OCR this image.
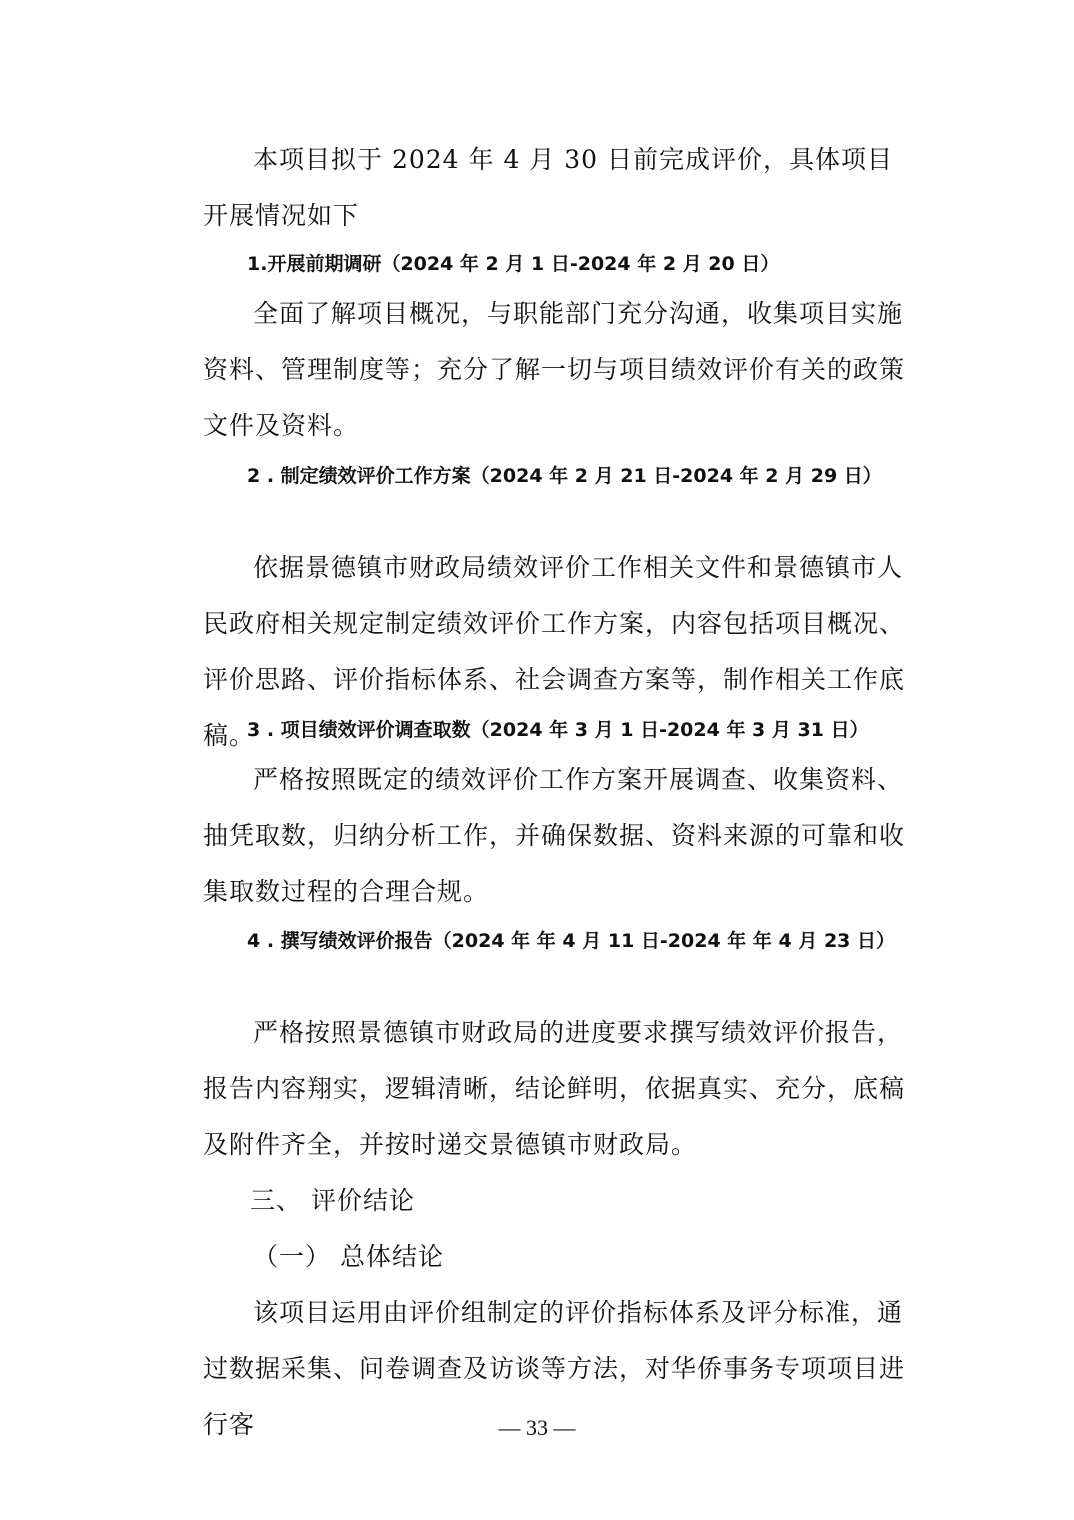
本项目拟于 2024 年 4 月 30 日前完成评价，具体项目开展情况如下

1.开展前期调研（2024 年 2 月 1 日-2024 年 2 月 20 日）

全面了解项目概况，与职能部门充分沟通，收集项目实施资料、管理制度等；充分了解一切与项目绩效评价有关的政策文件及资料。

2 . 制定绩效评价工作方案（2024 年 2 月 21 日-2024 年 2 月 29 日）

依据景德镇市财政局绩效评价工作相关文件和景德镇市人民政府相关规定制定绩效评价工作方案，内容包括项目概况、评价思路、评价指标体系、社会调查方案等，制作相关工作底稿。

3 . 项目绩效评价调查取数（2024 年 3 月 1 日-2024 年 3 月 31 日）

严格按照既定的绩效评价工作方案开展调查、收集资料、抽凭取数，归纳分析工作，并确保数据、资料来源的可靠和收集取数过程的合理合规。

4 . 撰写绩效评价报告（2024 年 年 4 月 11 日-2024 年 年 4 月 23 日）

严格按照景德镇市财政局的进度要求撰写绩效评价报告，报告内容翔实，逻辑清晰，结论鲜明，依据真实、充分，底稿及附件齐全，并按时递交景德镇市财政局。

三、 评价结论

（一） 总体结论

该项目运用由评价组制定的评价指标体系及评分标准，通过数据采集、问卷调查及访谈等方法，对华侨事务专项项目进行客	— 33 —
